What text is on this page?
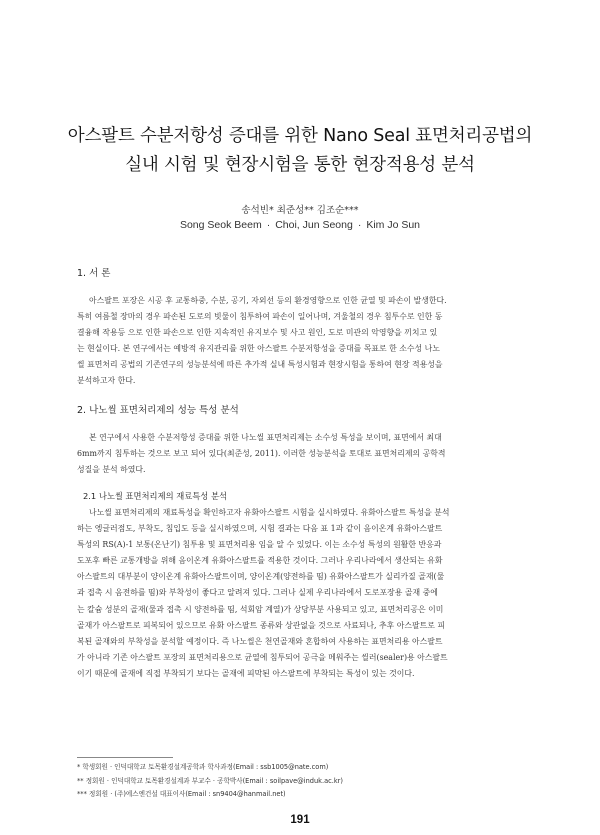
아스팔트 수분저항성 증대를 위한 Nano Seal 표면처리공법의
실내 시험 및 현장시험을 통한 현장적용성 분석
송석빈* 최준성** 김조순***
Song Seok Beem · Choi, Jun Seong · Kim Jo Sun
1. 서 론
아스팔트 포장은 시공 후 교통하중, 수분, 공기, 자외선 등의 환경영향으로 인한 균열 및 파손이 발생한다.
특히 여름철 장마의 경우 파손된 도로의 빗물이 침투하여 파손이 일어나며, 겨울철의 경우 침투수로 인한 동
결융해 작용등 으로 인한 파손으로 인한 지속적인 유지보수 및 사고 원인, 도로 미관의 악영향을 끼치고 있
는 현실이다. 본 연구에서는 예방적 유지관리를 위한 아스팔트 수분저항성을 증대를 목표로 한 소수성 나노
씰 표면처리 공법의 기존연구의 성능분석에 따른 추가적 실내 특성시험과 현장시험을 통하여 현장 적용성을
분석하고자 한다.
2. 나노씰 표면처리제의 성능 특성 분석
본 연구에서 사용한 수분저항성 증대를 위한 나노씰 표면처리제는 소수성 특성을 보이며, 표면에서 최대
6mm까지 침투하는 것으로 보고 되어 있다(최준성, 2011). 이러한 성능분석을 토대로 표면처리제의 공학적
성질을 분석 하였다.
2.1 나노씰 표면처리제의 재료특성 분석
나노씰 표면처리제의 재료특성을 확인하고자 유화아스팔트 시험을 실시하였다. 유화아스팔트 특성을 분석
하는 엥글러점도, 부착도, 침입도 등을 실시하였으며, 시험 결과는 다음 표 1과 같이 음이온계 유화아스팔트
특성의 RS(A)-1 보통(온난기) 침투용 및 표면처리용 임을 알 수 있었다. 이는 소수성 특성의 원활한 반응과
도포후 빠른 교통개방을 위해 음이온계 유화아스팔트를 적용한 것이다. 그러나 우리나라에서 생산되는 유화
아스팔트의 대부분이 양이온계 유화아스팔트이며, 양이온계(양전하를 띰) 유화아스팔트가 실리카질 골재(물
과 접촉 시 음전하를 띰)와 부착성이 좋다고 알려져 있다. 그러나 실제 우리나라에서 도로포장용 골재 중에
는 칼슘 성분의 골재(물과 접촉 시 양전하를 띰, 석회암 계열)가 상당부분 사용되고 있고, 표면처리공은 이미
골재가 아스팔트로 피복되어 있으므로 유화 아스팔트 종류와 상관없을 것으로 사료되나, 추후 아스팔트로 피
복된 골재와의 부착성을 분석할 예정이다. 즉 나노씰은 천연골재와 혼합하여 사용하는 표면처리용 아스팔트
가 아니라 기존 아스팔트 포장의 표면처리용으로 균열에 침투되어 공극을 메워주는 씰러(sealer)용 아스팔트
이기 때문에 골재에 직접 부착되기 보다는 골재에 피막된 아스팔트에 부착되는 특성이 있는 것이다.
* 학생회원 · 인덕대학교 토목환경설계공학과 학사과정(Email : ssb1005@nate.com)
** 정회원 · 인덕대학교 토목환경설계과 부교수 · 공학박사(Email : soilpave@induk.ac.kr)
*** 정회원 · (주)에스엔건설 대표이사(Email : sn9404@hanmail.net)
191
